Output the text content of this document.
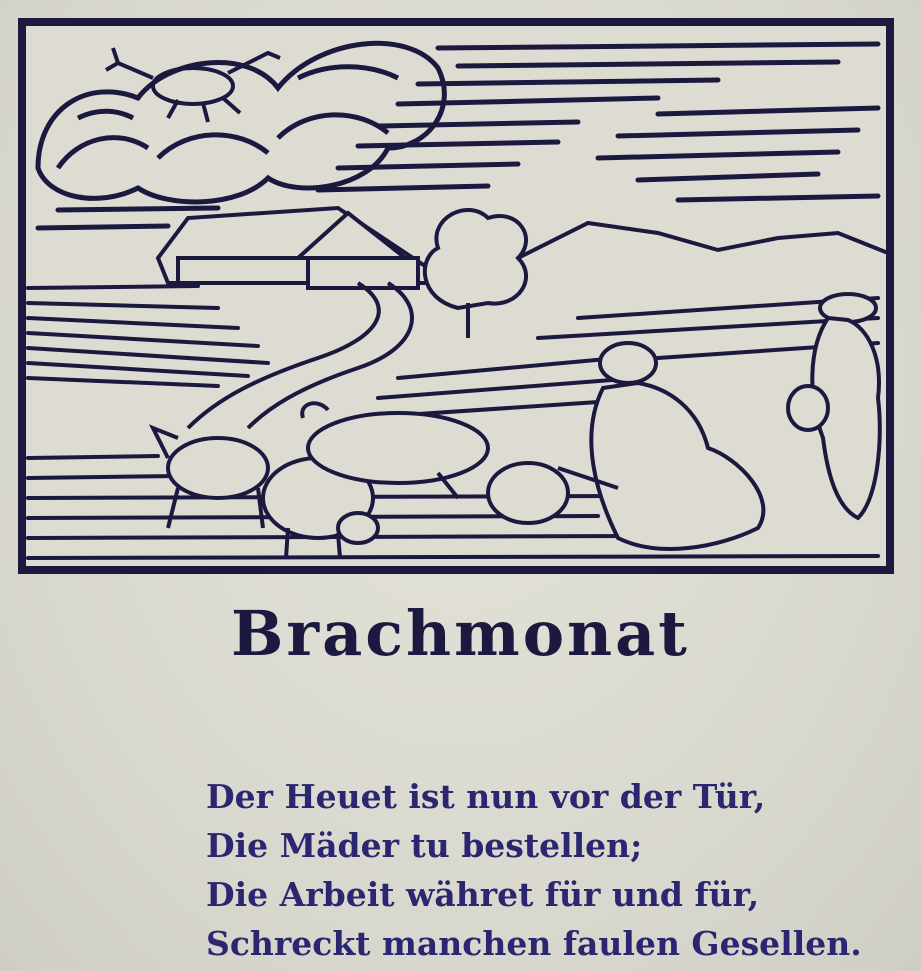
Brachmonat
Der Heuet ist nun vor der Tür,
Die Mäder tu bestellen;
Die Arbeit währet für und für,
Schreckt manchen faulen Gesellen.
